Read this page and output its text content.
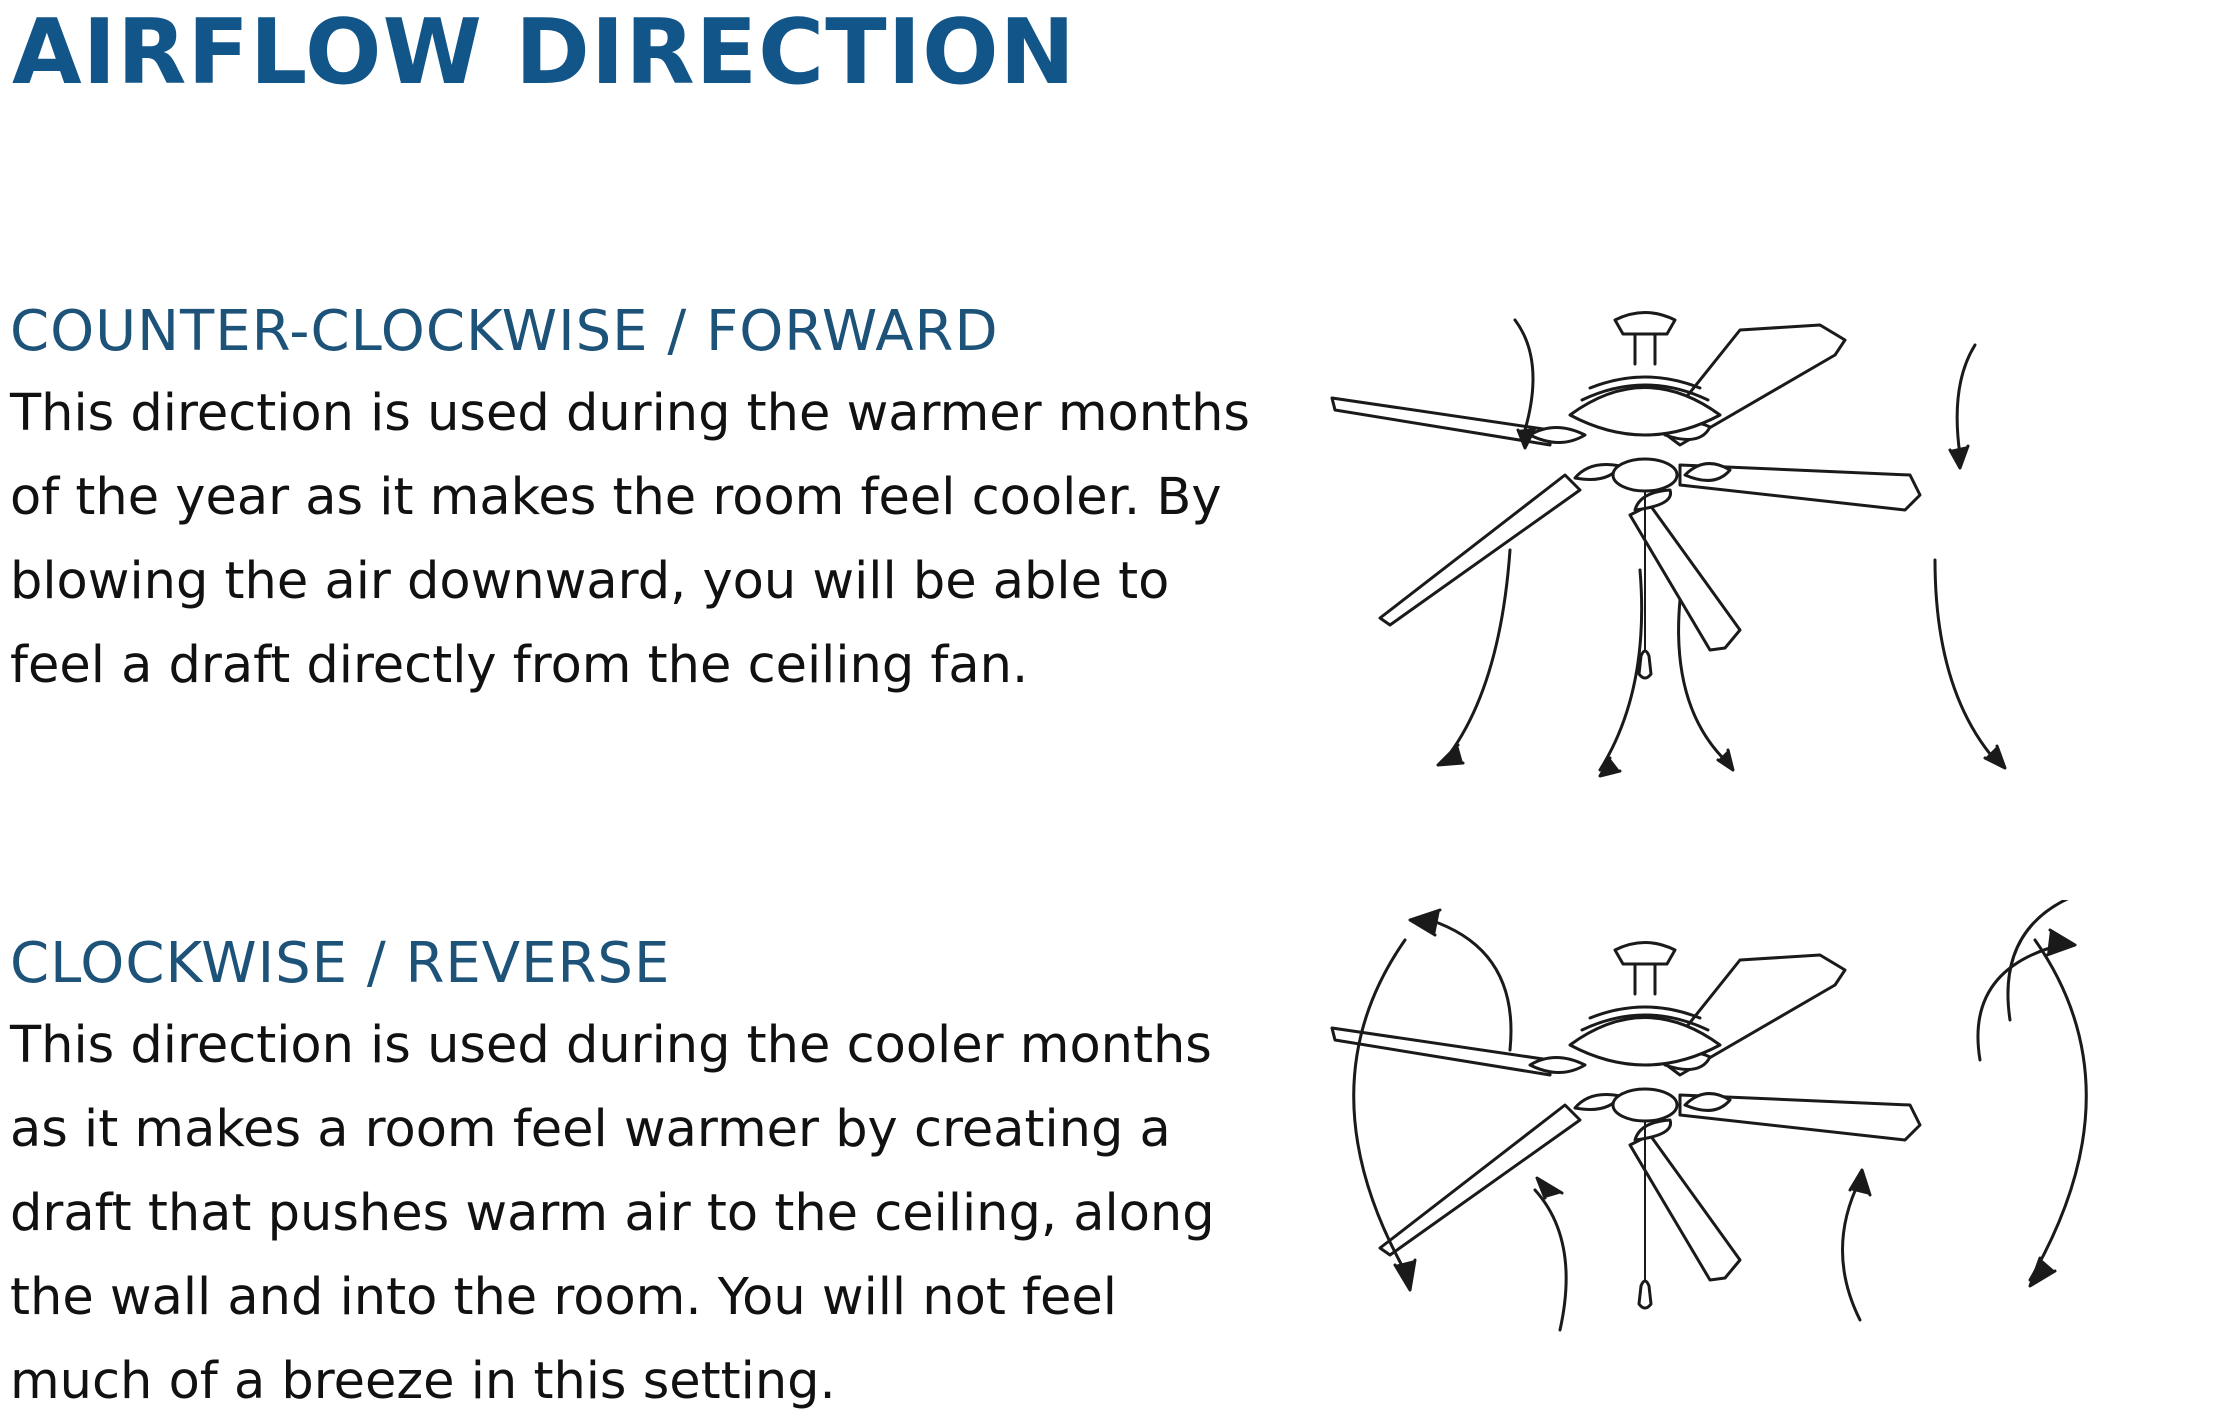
AIRFLOW DIRECTION
COUNTER-CLOCKWISE / FORWARD

This direction is used during the warmer months of the year as it makes the room feel cooler. By blowing the air downward, you will be able to feel a draft directly from the ceiling fan.

CLOCKWISE / REVERSE

This direction is used during the cooler months as it makes a room feel warmer by creating a draft that pushes warm air to the ceiling, along the wall and into the room. You will not feel much of a breeze in this setting.
